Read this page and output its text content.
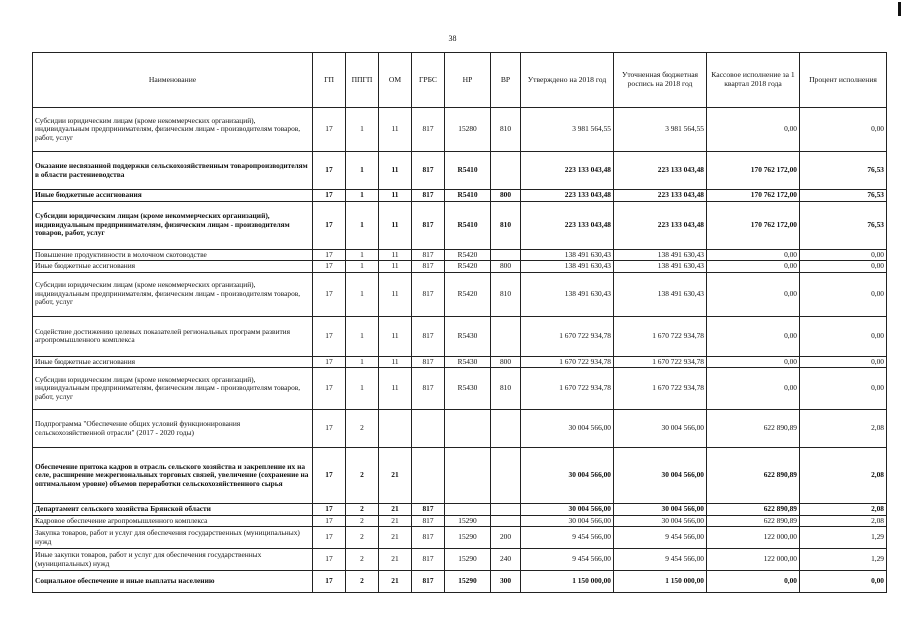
38
Наименование	ГП	ППГП	ОМ	ГРБС	НР	ВР	Утверждено на 2018 год	Уточненная бюджетная роспись на 2018 год	Кассовое исполнение за 1 квартал 2018 года	Процент исполнения
Субсидии юридическим лицам (кроме некоммерческих организаций), индивидуальным предпринимателям, физическим лицам - производителям товаров, работ, услуг	17	1	11	817	15280	810	3 981 564,55	3 981 564,55	0,00	0,00
Оказание несвязанной поддержки сельскохозяйственным товаропроизводителям в области растениеводства	17	1	11	817	R5410		223 133 043,48	223 133 043,48	170 762 172,00	76,53
Иные бюджетные ассигнования	17	1	11	817	R5410	800	223 133 043,48	223 133 043,48	170 762 172,00	76,53
Субсидии юридическим лицам (кроме некоммерческих организаций), индивидуальным предпринимателям, физическим лицам - производителям товаров, работ, услуг	17	1	11	817	R5410	810	223 133 043,48	223 133 043,48	170 762 172,00	76,53
Повышение продуктивности в молочном скотоводстве	17	1	11	817	R5420		138 491 630,43	138 491 630,43	0,00	0,00
Иные бюджетные ассигнования	17	1	11	817	R5420	800	138 491 630,43	138 491 630,43	0,00	0,00
Субсидии юридическим лицам (кроме некоммерческих организаций), индивидуальным предпринимателям, физическим лицам - производителям товаров, работ, услуг	17	1	11	817	R5420	810	138 491 630,43	138 491 630,43	0,00	0,00
Содействие достижению целевых показателей региональных программ развития агропромышленного комплекса	17	1	11	817	R5430		1 670 722 934,78	1 670 722 934,78	0,00	0,00
Иные бюджетные ассигнования	17	1	11	817	R5430	800	1 670 722 934,78	1 670 722 934,78	0,00	0,00
Субсидии юридическим лицам (кроме некоммерческих организаций), индивидуальным предпринимателям, физическим лицам - производителям товаров, работ, услуг	17	1	11	817	R5430	810	1 670 722 934,78	1 670 722 934,78	0,00	0,00
Подпрограмма "Обеспечение общих условий функционирования сельскохозяйственной отрасли" (2017 - 2020 годы)	17	2					30 004 566,00	30 004 566,00	622 890,89	2,08
Обеспечение притока кадров в отрасль сельского хозяйства и закрепление их на селе, расширение межрегиональных торговых связей, увеличение (сохранение на оптимальном уровне) объемов переработки сельскохозяйственного сырья	17	2	21				30 004 566,00	30 004 566,00	622 890,89	2,08
Департамент сельского хозяйства Брянской области	17	2	21	817			30 004 566,00	30 004 566,00	622 890,89	2,08
Кадровое обеспечение агропромышленного комплекса	17	2	21	817	15290		30 004 566,00	30 004 566,00	622 890,89	2,08
Закупка товаров, работ и услуг для обеспечения государственных (муниципальных) нужд	17	2	21	817	15290	200	9 454 566,00	9 454 566,00	122 000,00	1,29
Иные закупки товаров, работ и услуг для обеспечения государственных (муниципальных) нужд	17	2	21	817	15290	240	9 454 566,00	9 454 566,00	122 000,00	1,29
Социальное обеспечение и иные выплаты населению	17	2	21	817	15290	300	1 150 000,00	1 150 000,00	0,00	0,00
